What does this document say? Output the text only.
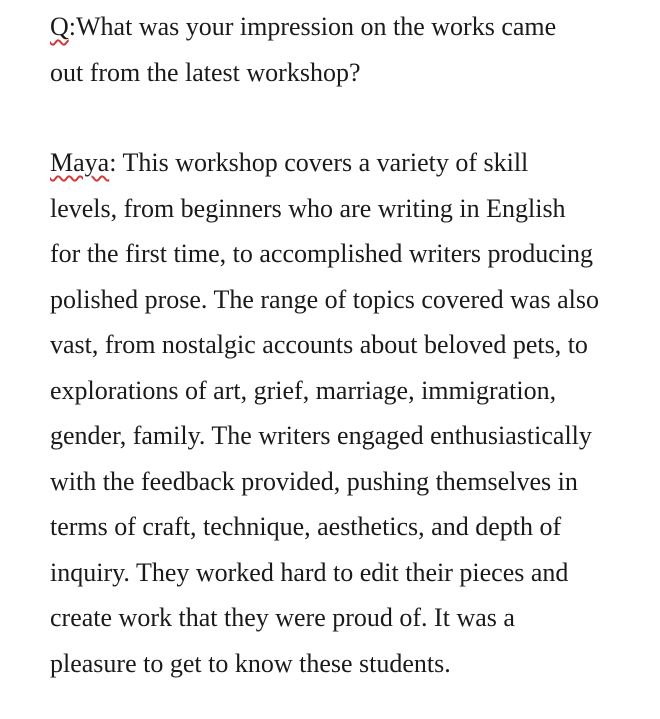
Q:What was your impression on the works came
out from the latest workshop?

Maya: This workshop covers a variety of skill
levels, from beginners who are writing in English
for the first time, to accomplished writers producing
polished prose. The range of topics covered was also
vast, from nostalgic accounts about beloved pets, to
explorations of art, grief, marriage, immigration,
gender, family. The writers engaged enthusiastically
with the feedback provided, pushing themselves in
terms of craft, technique, aesthetics, and depth of
inquiry. They worked hard to edit their pieces and
create work that they were proud of. It was a
pleasure to get to know these students.
